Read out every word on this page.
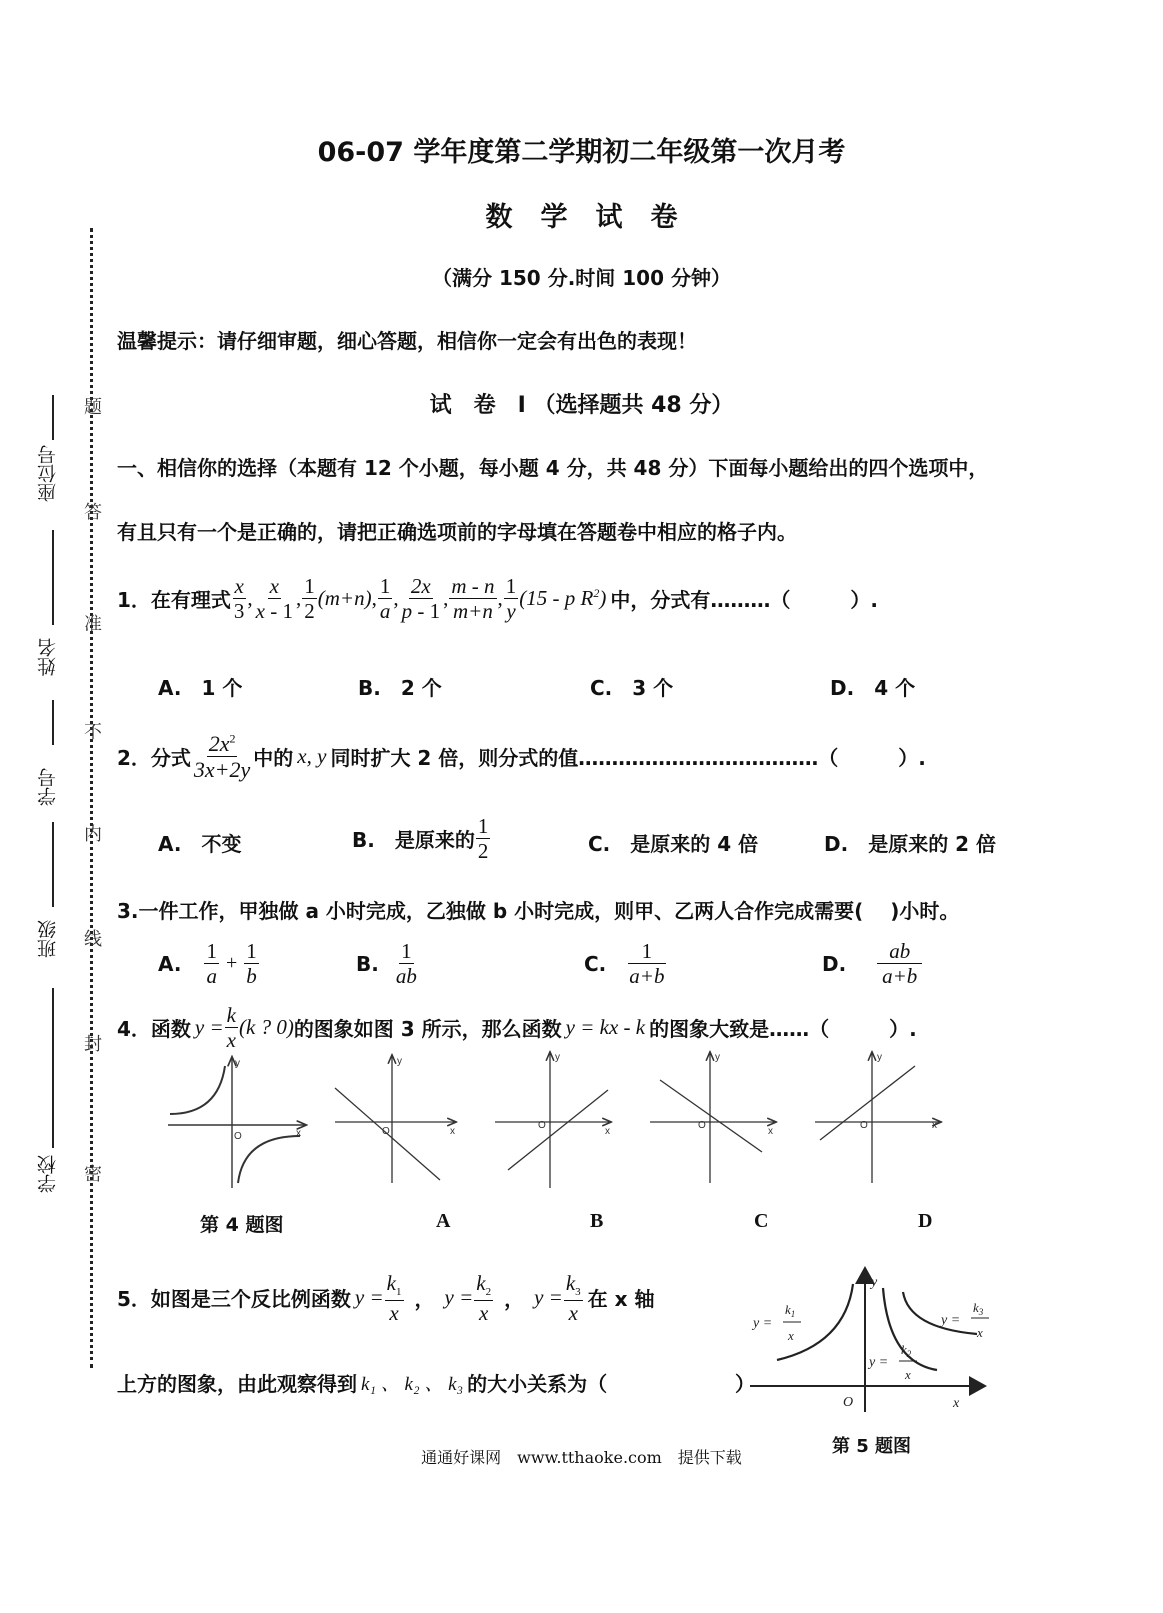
座位号
姓名
学号
班级
学校
题
答
准
不
内
线
封
密
06-07 学年度第二学期初二年级第一次月考
数学试卷
（满分 150 分.时间 100 分钟）
温馨提示：请仔细审题，细心答题，相信你一定会有出色的表现！
试　卷　I （选择题共 48 分）
一、相信你的选择（本题有 12 个小题，每小题 4 分，共 48 分）下面每小题给出的四个选项中，
有且只有一个是正确的，请把正确选项前的字母填在答题卷中相应的格子内。
1．在有理式 $\frac{x}{3}$ , $\frac{x}{x - 1}$ , $\frac{1}{2} (m+n)$ , $\frac{1}{a}$ , $\frac{2x}{p - 1}$ , $\frac{m - n}{m+n}$ , $\frac{1}{y} (15$ - p $R^2$) 中，分式有………（　　　）.
A.　1 个	B.　2 个	C.　3 个	D.　4 个
2．分式 $\frac{2x^2}{3x+2y}$ 中的 x, y 同时扩大 2 倍，则分式的值………………………………（　　　）.
A.　不变	B.　是原来的 $\frac{1}{2}$	C.　是原来的 4 倍	D.　是原来的 2 倍
3.一件工作，甲独做 a 小时完成，乙独做 b 小时完成，则甲、乙两人合作完成需要(　 )小时。
A. $\frac{1}{a} + \frac{1}{b}$	B. $\frac{1}{ab}$	C. $\frac{1}{a+b}$	D. $\frac{ab}{a+b}$
4．函数 $y = \frac{k}{x} (k$ ? 0) 的图象如图 3 所示，那么函数 y = kx - k 的图象大致是……（　　　）.
O	x
y
O	x
y
O
x
y
O
x
y
O	x
y
第 4 题图	A	B	C	D
5．如图是三个反比例函数 $y = \frac{k_1}{x}$ ， $y = \frac{k_2}{x}$ ， $y = \frac{k_3}{x}$ 在 x 轴
上方的图象，由此观察得到 k₁ 、 k₂ 、 k₃ 的大小关系为（	）
y
x
O
y =
$k_1$
x
y =
$k_2$
x
y =
$k_3$
x
第 5 题图
通通好课网　www.tthaoke.com　提供下载
